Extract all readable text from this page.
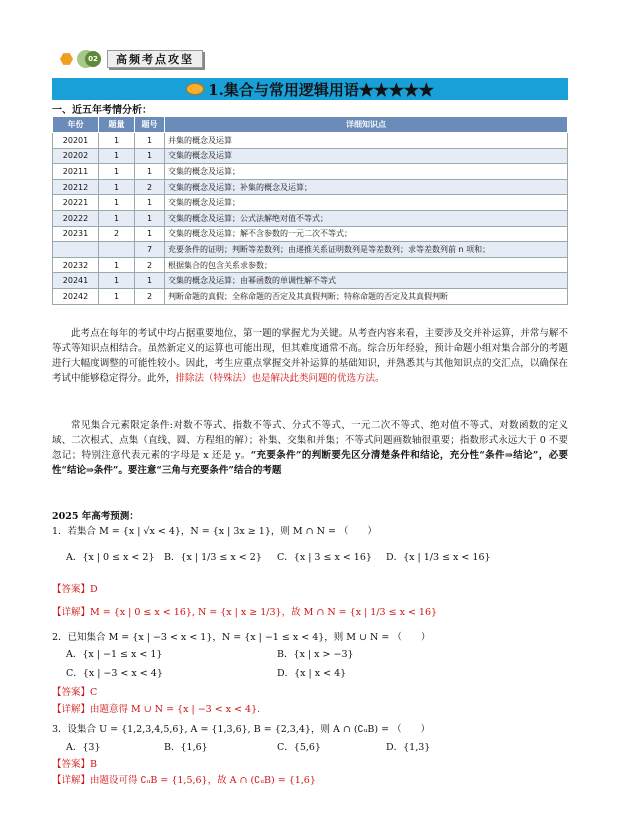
02	高频考点攻坚
1.集合与常用逻辑用语★★★★★
一、近五年考情分析：
年份	题量	题号	详细知识点
20201	1	1	并集的概念及运算
20202	1	1	交集的概念及运算
20211	1	1	交集的概念及运算；
20212	1	2	交集的概念及运算；补集的概念及运算；
20221	1	1	交集的概念及运算；
20222	1	1	交集的概念及运算；公式法解绝对值不等式；
20231	2	1	交集的概念及运算；解不含参数的一元二次不等式；
		7	充要条件的证明；判断等差数列；由递推关系证明数列是等差数列；求等差数列前 n 项和；
20232	1	2	根据集合的包含关系求参数；
20241	1	1	交集的概念及运算；由幂函数的单调性解不等式
20242	1	2	判断命题的真假；全称命题的否定及其真假判断；特称命题的否定及其真假判断
此考点在每年的考试中均占据重要地位，第一题的掌握尤为关键。从考查内容来看，主要涉及交并补运算，并常与解不等式等知识点相结合。虽然新定义的运算也可能出现，但其难度通常不高。综合历年经验，预计命题小组对集合部分的考题进行大幅度调整的可能性较小。因此，考生应重点掌握交并补运算的基础知识，并熟悉其与其他知识点的交汇点，以确保在考试中能够稳定得分。此外，排除法（特殊法）也是解决此类问题的优选方法。
常见集合元素限定条件:对数不等式、指数不等式、分式不等式、一元二次不等式、绝对值不等式、对数函数的定义域、二次根式、点集（直线、圆、方程组的解）；补集、交集和并集；不等式问题画数轴很重要；指数形式永远大于 0 不要忽记；特别注意代表元素的字母是 x 还是 y。“充要条件”的判断要先区分清楚条件和结论，充分性“条件⇒结论”，必要性“结论⇒条件”。要注意“三角与充要条件”结合的考题
2025 年高考预测：
1．若集合 M = {x | √x < 4}，N = {x | 3x ≥ 1}，则 M ∩ N = （　　）
A．{x | 0 ≤ x < 2} B．{x | 1/3 ≤ x < 2} C．{x | 3 ≤ x < 16} D．{x | 1/3 ≤ x < 16}
【答案】D
【详解】M = {x | 0 ≤ x < 16}, N = {x | x ≥ 1/3}，故 M ∩ N = {x | 1/3 ≤ x < 16}
2．已知集合 M = {x | −3 < x < 1}，N = {x | −1 ≤ x < 4}，则 M ∪ N = （　　）
A．{x | −1 ≤ x < 1}	B．{x | x > −3}
C．{x | −3 < x < 4}	D．{x | x < 4}
【答案】C
【详解】由题意得 M ∪ N = {x | −3 < x < 4}.
3．设集合 U = {1,2,3,4,5,6}, A = {1,3,6}, B = {2,3,4}，则 A ∩ (∁ᵤB) = （　　）
A．{3}	B．{1,6}	C．{5,6}	D．{1,3}
【答案】B
【详解】由题设可得 ∁ᵤB = {1,5,6}，故 A ∩ (∁ᵤB) = {1,6}
